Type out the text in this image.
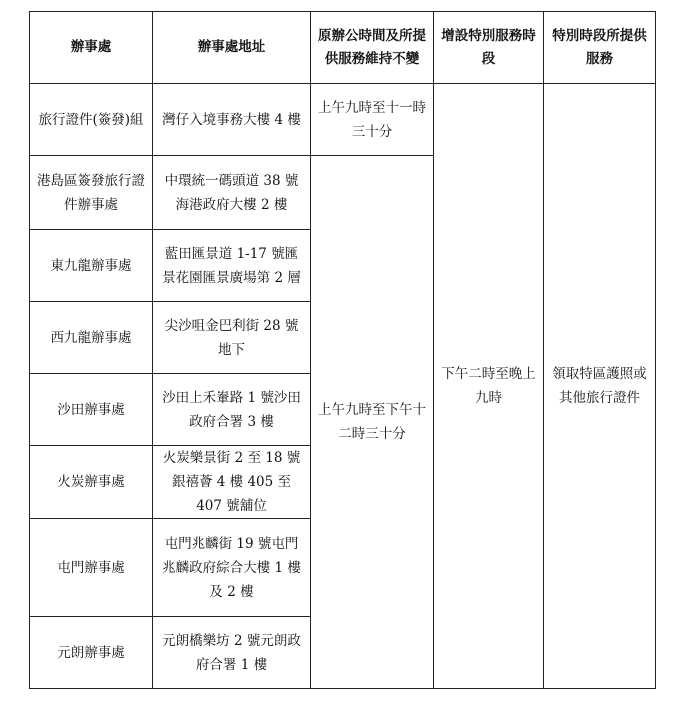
辦事處	辦事處地址	原辦公時間及所提供服務維持不變	增設特別服務時段	特別時段所提供服務
旅行證件(簽發)組	灣仔入境事務大樓 4 樓	上午九時至十一時三十分	下午二時至晚上九時	領取特區護照或其他旅行證件
港島區簽發旅行證件辦事處	中環統一碼頭道 38 號海港政府大樓 2 樓	上午九時至下午十二時三十分		
東九龍辦事處	藍田匯景道 1-17 號匯景花園匯景廣場第 2 層			
西九龍辦事處	尖沙咀金巴利街 28 號地下			
沙田辦事處	沙田上禾輋路 1 號沙田政府合署 3 樓			
火炭辦事處	火炭樂景街 2 至 18 號銀禧薈 4 樓 405 至 407 號舖位			
屯門辦事處	屯門兆麟街 19 號屯門兆麟政府綜合大樓 1 樓及 2 樓			
元朗辦事處	元朗橋樂坊 2 號元朗政府合署 1 樓			
